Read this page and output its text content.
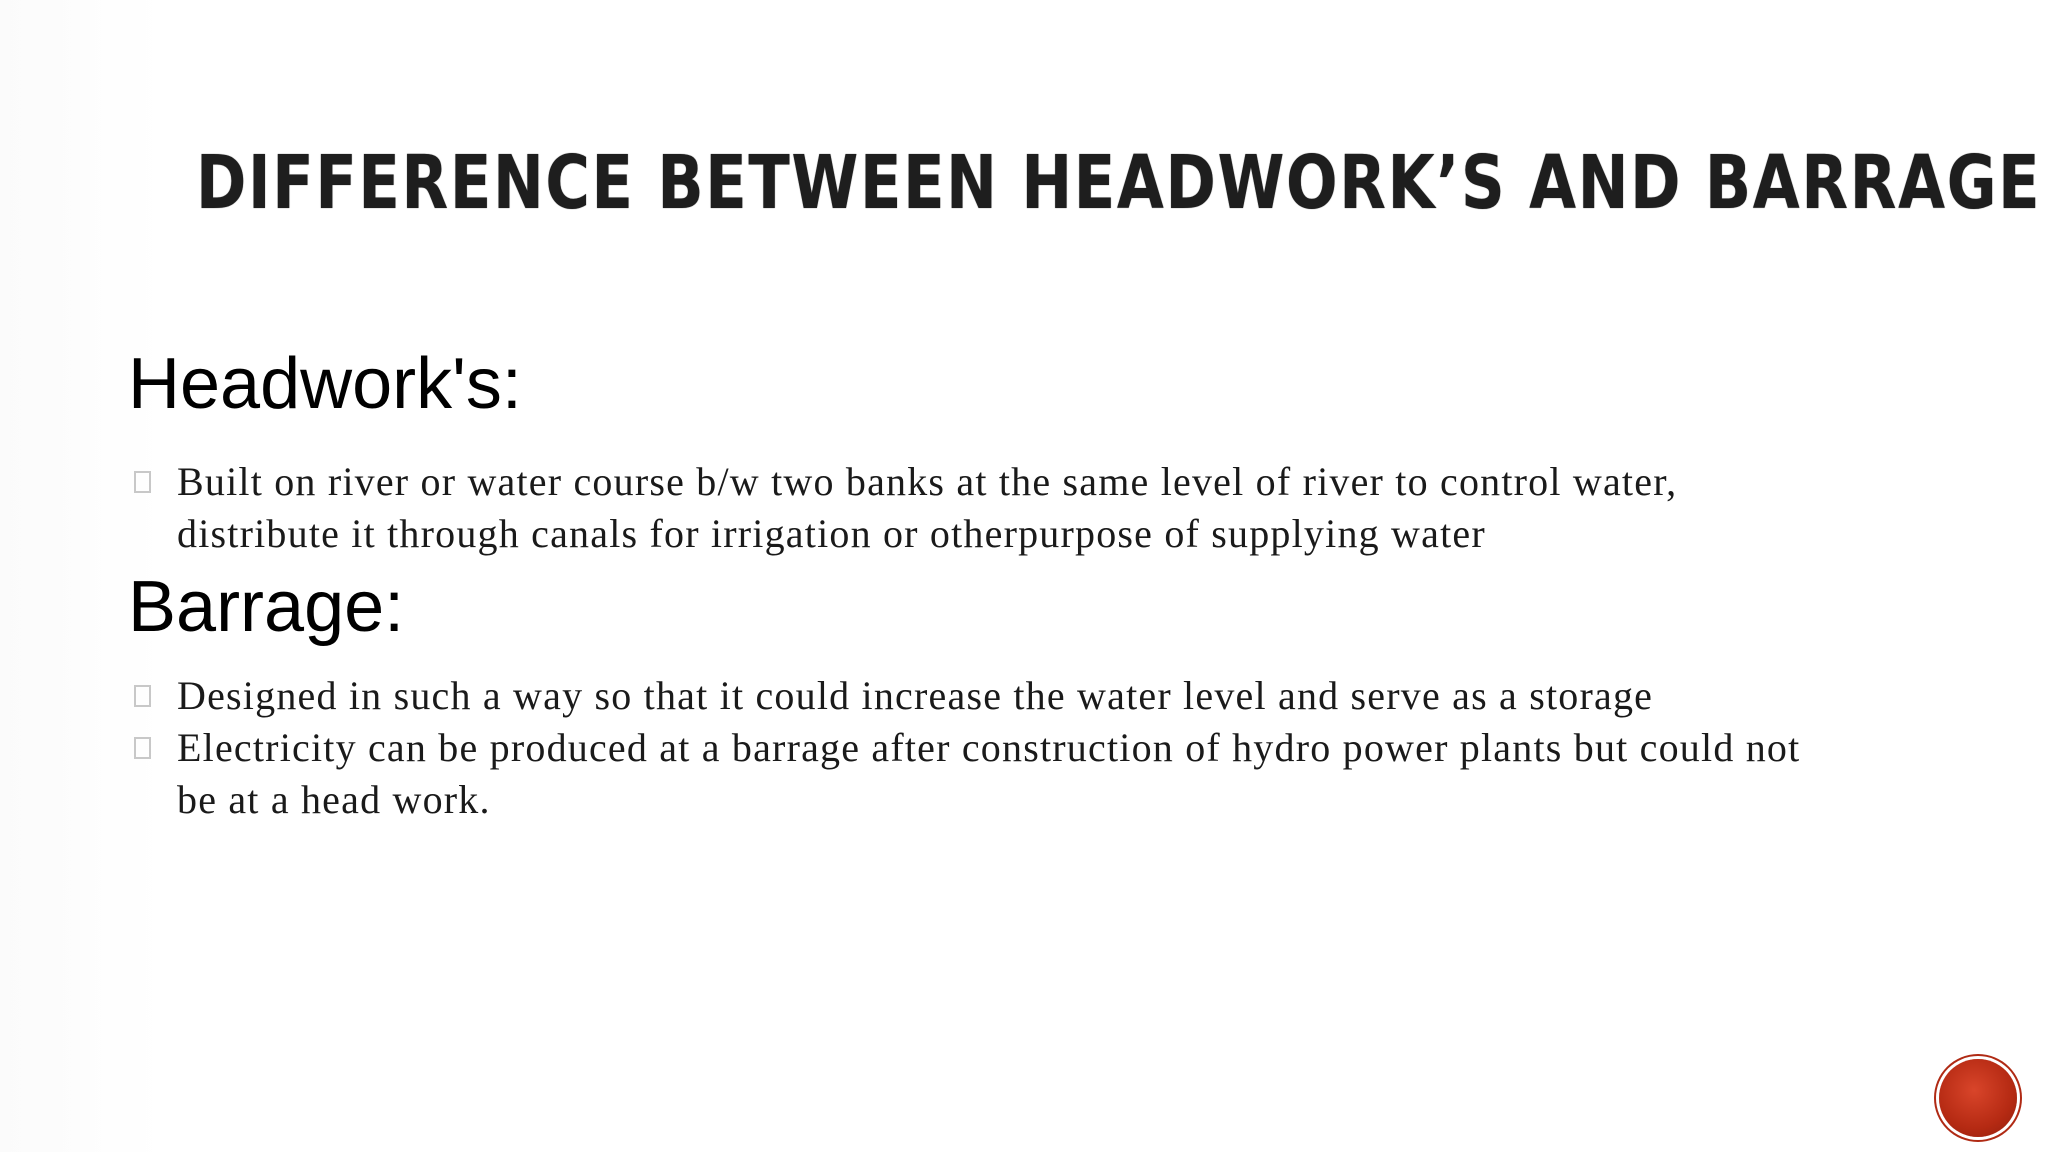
DIFFERENCE BETWEEN HEADWORK’S AND BARRAGE
Headwork's:
Built on river or water course b/w two banks at the same level of river to control water, distribute it through canals for irrigation or otherpurpose of supplying water
Barrage:
Designed in such a way so that it could increase the water level and serve as a storage
Electricity can be produced at a barrage after construction of hydro power plants but could not be at a head work.
